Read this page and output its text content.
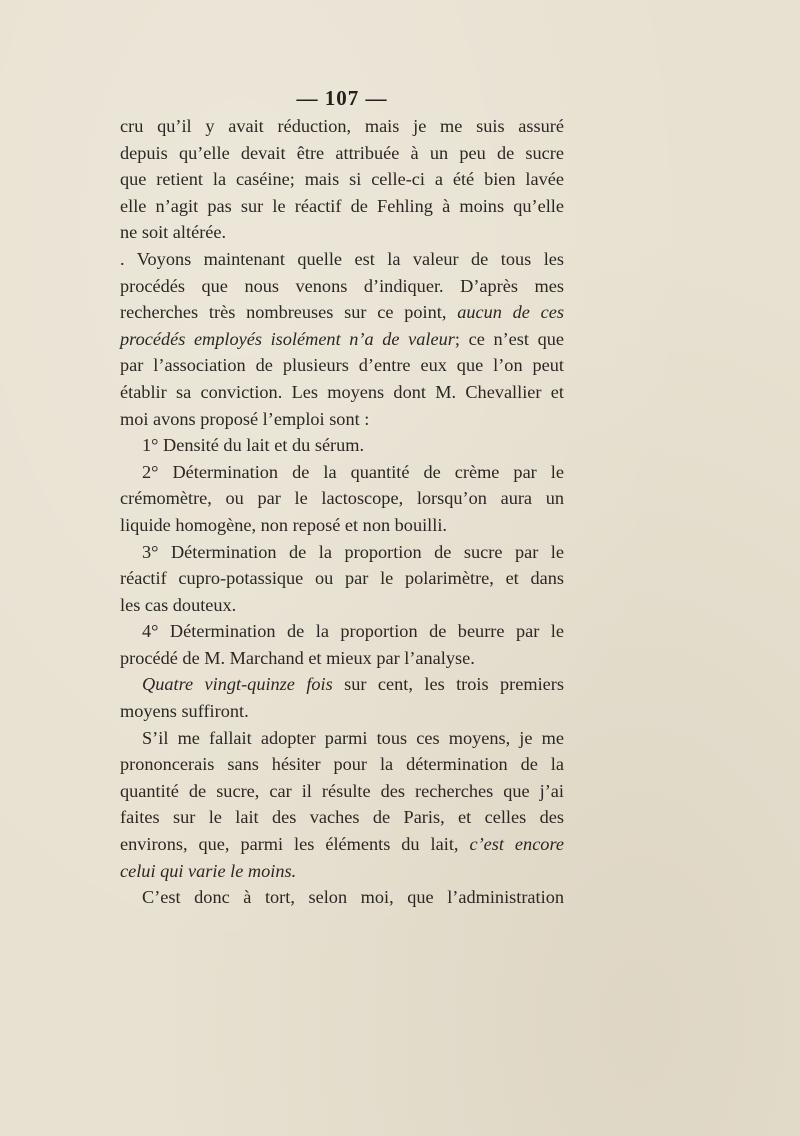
— 107 —
cru qu’il y avait réduction, mais je me suis assuré
depuis qu’elle devait être attribuée à un peu de sucre
que retient la caséine; mais si celle-ci a été bien lavée
elle n’agit pas sur le réactif de Fehling à moins qu’elle
ne soit altérée.
. Voyons maintenant quelle est la valeur de tous les
procédés que nous venons d’indiquer. D’après mes
recherches très nombreuses sur ce point, aucun de ces
procédés employés isolément n’a de valeur; ce n’est que
par l’association de plusieurs d’entre eux que l’on peut
établir sa conviction. Les moyens dont M. Chevallier et
moi avons proposé l’emploi sont :
1° Densité du lait et du sérum.
2° Détermination de la quantité de crème par le
crémomètre, ou par le lactoscope, lorsqu’on aura un
liquide homogène, non reposé et non bouilli.
3° Détermination de la proportion de sucre par le
réactif cupro-potassique ou par le polarimètre, et dans
les cas douteux.
4° Détermination de la proportion de beurre par le
procédé de M. Marchand et mieux par l’analyse.
Quatre vingt-quinze fois sur cent, les trois premiers
moyens suffiront.
S’il me fallait adopter parmi tous ces moyens, je me
prononcerais sans hésiter pour la détermination de la
quantité de sucre, car il résulte des recherches que j’ai
faites sur le lait des vaches de Paris, et celles des
environs, que, parmi les éléments du lait, c’est encore
celui qui varie le moins.
C’est donc à tort, selon moi, que l’administration
